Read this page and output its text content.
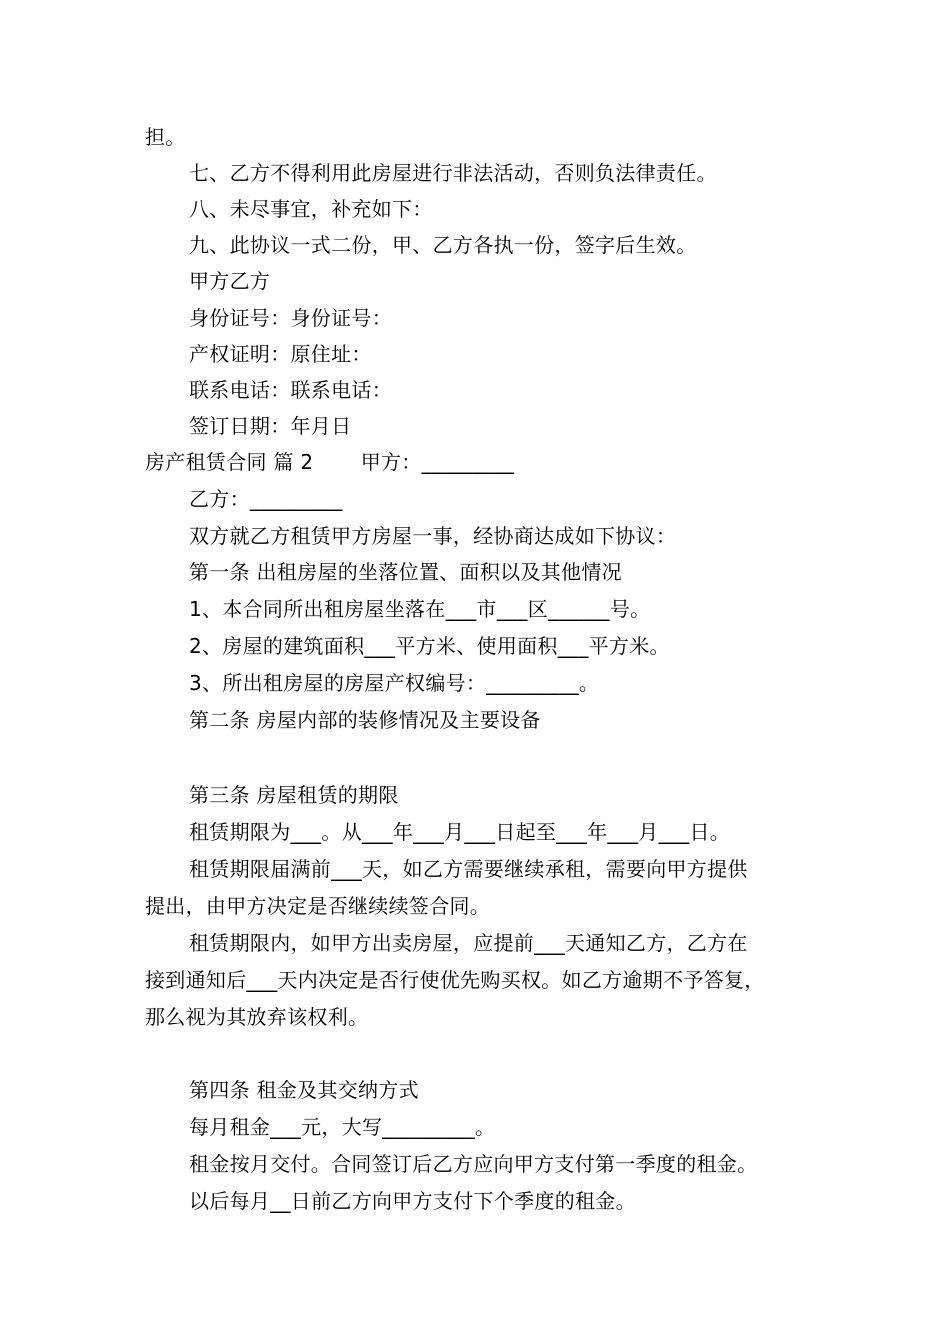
担。
七、乙方不得利用此房屋进行非法活动，否则负法律责任。
八、未尽事宜，补充如下：
九、此协议一式二份，甲、乙方各执一份，签字后生效。
甲方乙方
身份证号：身份证号：
产权证明：原住址：
联系电话：联系电话：
签订日期：年月日
房产租赁合同 篇 2　　 甲方：_________
乙方：_________
双方就乙方租赁甲方房屋一事，经协商达成如下协议：
第一条 出租房屋的坐落位置、面积以及其他情况
1、本合同所出租房屋坐落在___市___区______号。
2、房屋的建筑面积___平方米、使用面积___平方米。
3、所出租房屋的房屋产权编号：_________。
第二条 房屋内部的装修情况及主要设备
第三条 房屋租赁的期限
租赁期限为___。从___年___月___日起至___年___月___日。
租赁期限届满前___天，如乙方需要继续承租，需要向甲方提供
提出，由甲方决定是否继续续签合同。
租赁期限内，如甲方出卖房屋，应提前___天通知乙方，乙方在
接到通知后___天内决定是否行使优先购买权。如乙方逾期不予答复，
那么视为其放弃该权利。
第四条 租金及其交纳方式
每月租金___元，大写_________。
租金按月交付。合同签订后乙方应向甲方支付第一季度的租金。
以后每月__日前乙方向甲方支付下个季度的租金。
